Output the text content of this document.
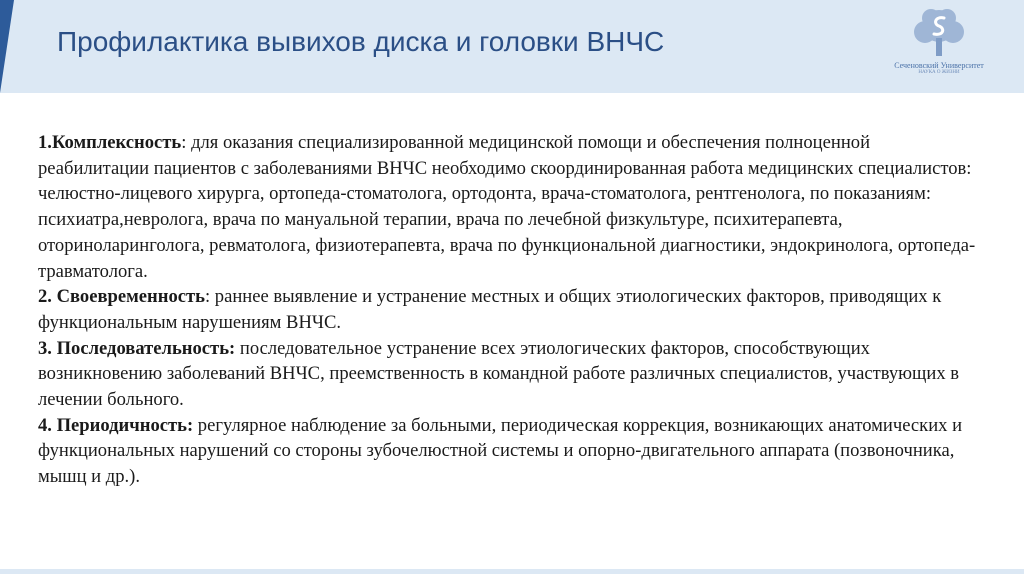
Профилактика вывихов диска и головки ВНЧС
Сеченовский Университет
НАУКА О ЖИЗНИ

1.Комплексность: для оказания специализированной медицинской помощи и обеспечения полноценной реабилитации пациентов с заболеваниями ВНЧС необходимо скоординированная работа медицинских специалистов: челюстно-лицевого хирурга, ортопеда-стоматолога, ортодонта, врача-стоматолога, рентгенолога, по показаниям: психиатра,невролога, врача по мануальной терапии, врача по лечебной физкультуре, психитерапевта, оториноларинголога, ревматолога, физиотерапевта, врача по функциональной диагностики, эндокринолога, ортопеда-травматолога.

2. Своевременность: раннее выявление и устранение местных и общих этиологических факторов, приводящих к функциональным нарушениям ВНЧС.

3. Последовательность: последовательное устранение всех этиологических факторов, способствующих возникновению заболеваний ВНЧС, преемственность в командной работе различных специалистов, участвующих в лечении больного.

4. Периодичность: регулярное наблюдение за больными, периодическая коррекция, возникающих анатомических и функциональных нарушений со стороны зубочелюстной системы и опорно-двигательного аппарата (позвоночника, мышц и др.).
